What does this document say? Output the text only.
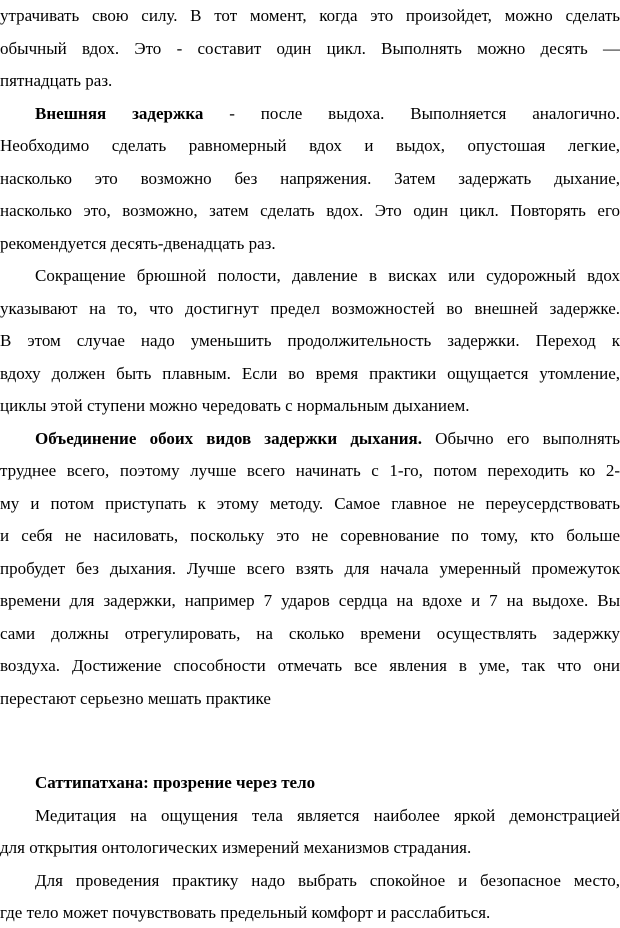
утрачивать свою силу. В тот момент, когда это произойдет, можно сделать
обычный вдох. Это - составит один цикл. Выполнять можно десять —
пятнадцать раз.
Внешняя задержка - после выдоха. Выполняется аналогично.
Необходимо сделать равномерный вдох и выдох, опустошая легкие,
насколько это возможно без напряжения. Затем задержать дыхание,
насколько это, возможно, затем сделать вдох. Это один цикл. Повторять его
рекомендуется десять-двенадцать раз.
Сокращение брюшной полости, давление в висках или судорожный вдох
указывают на то, что достигнут предел возможностей во внешней задержке.
В этом случае надо уменьшить продолжительность задержки. Переход к
вдоху должен быть плавным. Если во время практики ощущается утомление,
циклы этой ступени можно чередовать с нормальным дыханием.
Объединение обоих видов задержки дыхания. Обычно его выполнять
труднее всего, поэтому лучше всего начинать с 1-го, потом переходить ко 2-
му и потом приступать к этому методу. Самое главное не переусердствовать
и себя не насиловать, поскольку это не соревнование по тому, кто больше
пробудет без дыхания. Лучше всего взять для начала умеренный промежуток
времени для задержки, например 7 ударов сердца на вдохе и 7 на выдохе. Вы
сами должны отрегулировать, на сколько времени осуществлять задержку
воздуха. Достижение способности отмечать все явления в уме, так что они
перестают серьезно мешать практике
Саттипатхана: прозрение через тело
Медитация на ощущения тела является наиболее яркой демонстрацией
для открытия онтологических измерений механизмов страдания.
Для проведения практику надо выбрать спокойное и безопасное место,
где тело может почувствовать предельный комфорт и расслабиться.
